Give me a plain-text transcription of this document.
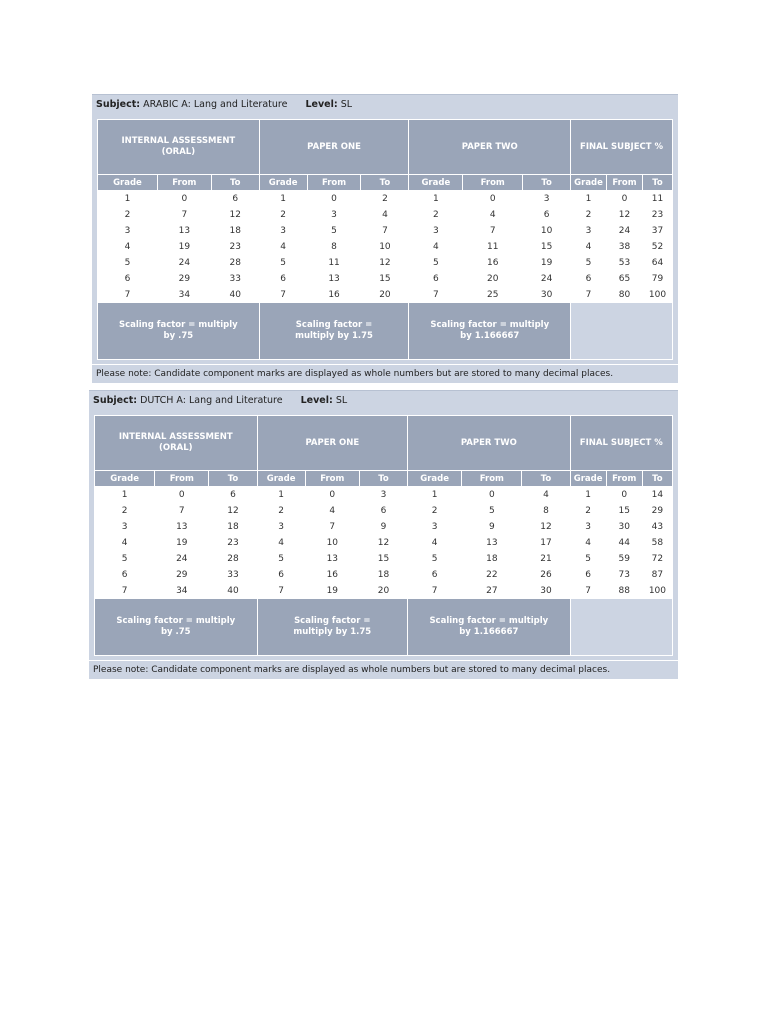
Subject: ARABIC A: Lang and Literature Level: SL
INTERNAL ASSESSMENT (ORAL)			PAPER ONE			PAPER TWO			FINAL SUBJECT %		
Grade	From	To	Grade	From	To	Grade	From	To	Grade	From	To
1	0	6	1	0	2	1	0	3	1	0	11
2	7	12	2	3	4	2	4	6	2	12	23
3	13	18	3	5	7	3	7	10	3	24	37
4	19	23	4	8	10	4	11	15	4	38	52
5	24	28	5	11	12	5	16	19	5	53	64
6	29	33	6	13	15	6	20	24	6	65	79
7	34	40	7	16	20	7	25	30	7	80	100
Scaling factor = multiply by .75			Scaling factor = multiply by 1.75			Scaling factor = multiply by 1.166667					
Please note: Candidate component marks are displayed as whole numbers but are stored to many decimal places.
Subject: DUTCH A: Lang and Literature Level: SL
INTERNAL ASSESSMENT (ORAL)			PAPER ONE			PAPER TWO			FINAL SUBJECT %		
Grade	From	To	Grade	From	To	Grade	From	To	Grade	From	To
1	0	6	1	0	3	1	0	4	1	0	14
2	7	12	2	4	6	2	5	8	2	15	29
3	13	18	3	7	9	3	9	12	3	30	43
4	19	23	4	10	12	4	13	17	4	44	58
5	24	28	5	13	15	5	18	21	5	59	72
6	29	33	6	16	18	6	22	26	6	73	87
7	34	40	7	19	20	7	27	30	7	88	100
Scaling factor = multiply by .75			Scaling factor = multiply by 1.75			Scaling factor = multiply by 1.166667					
Please note: Candidate component marks are displayed as whole numbers but are stored to many decimal places.
